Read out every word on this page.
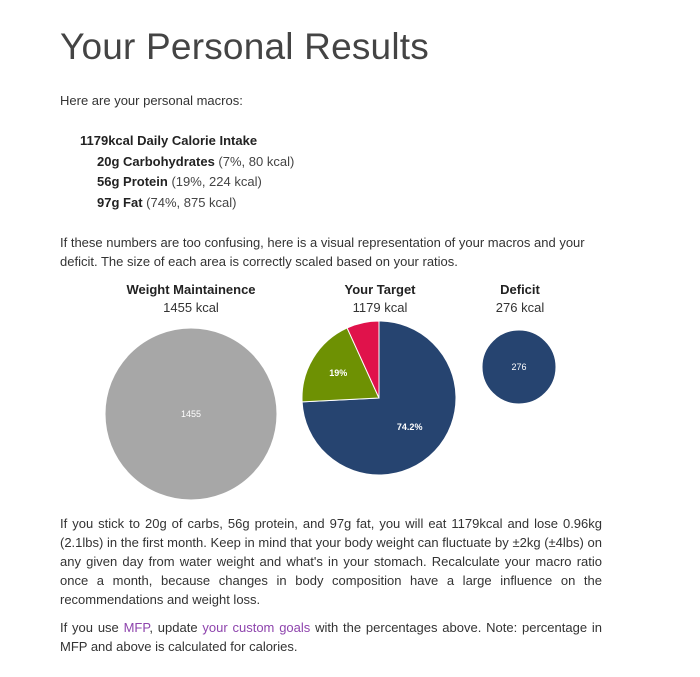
Your Personal Results
Here are your personal macros:
1179kcal Daily Calorie Intake
20g Carbohydrates (7%, 80 kcal)
56g Protein (19%, 224 kcal)
97g Fat (74%, 875 kcal)

If these numbers are too confusing, here is a visual representation of your macros and your deficit. The size of each area is correctly scaled based on your ratios.

Weight Maintainence
1455 kcal
Your Target
1179 kcal
Deficit
276 kcal
1455
74.2%
19%
276

If you stick to 20g of carbs, 56g protein, and 97g fat, you will eat 1179kcal and lose 0.96kg (2.1lbs) in the first month. Keep in mind that your body weight can fluctuate by ±2kg (±4lbs) on any given day from water weight and what's in your stomach. Recalculate your macro ratio once a month, because changes in body composition have a large influence on the recommendations and weight loss.

If you use MFP, update your custom goals with the percentages above. Note: percentage in MFP and above is calculated for calories.
